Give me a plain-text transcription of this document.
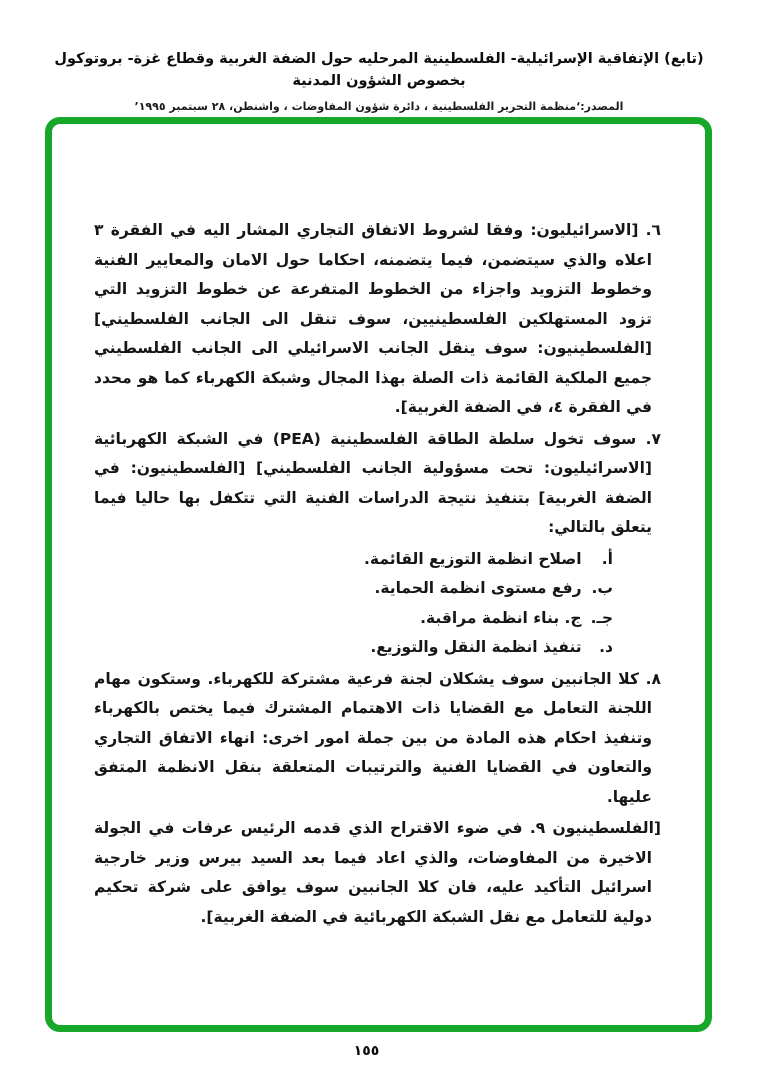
(تابع) الإتفاقية الإسرائيلية- الفلسطينية المرحليه حول الضفة الغربية وقطاع غزة- بروتوكول بخصوص الشؤون المدنية
المصدر:‘منظمة التحرير الفلسطينية ، دائرة شؤون المفاوضات ، واشنطن، ٢٨ سبتمبر ١٩٩٥’

٦. [الاسرائيليون: وفقا لشروط الاتفاق التجاري المشار اليه في الفقرة ٣ اعلاه والذي سيتضمن، فيما يتضمنه، احكاما حول الامان والمعايير الفنية وخطوط التزويد واجزاء من الخطوط المتفرعة عن خطوط التزويد التي تزود المستهلكين الفلسطينيين، سوف تنقل الى الجانب الفلسطيني] [الفلسطينيون: سوف ينقل الجانب الاسرائيلي الى الجانب الفلسطيني جميع الملكية القائمة ذات الصلة بهذا المجال وشبكة الكهرباء كما هو محدد في الفقرة ٤، في الضفة الغربية].

٧. سوف تخول سلطة الطاقة الفلسطينية (PEA) في الشبكة الكهربائية [الاسرائيليون: تحت مسؤولية الجانب الفلسطيني] [الفلسطينيون: في الضفة الغربية] بتنفيذ نتيجة الدراسات الفنية التي تتكفل بها حاليا فيما يتعلق بالتالي:

أ. اصلاح انظمة التوزيع القائمة.

ب. رفع مستوى انظمة الحماية.

جـ. ج. بناء انظمة مراقبة.

د. تنفيذ انظمة النقل والتوزيع.

٨. كلا الجانبين سوف يشكلان لجنة فرعية مشتركة للكهرباء. وستكون مهام اللجنة التعامل مع القضايا ذات الاهتمام المشترك فيما يختص بالكهرباء وتنفيذ احكام هذه المادة من بين جملة امور اخرى: انهاء الاتفاق التجاري والتعاون في القضايا الفنية والترتيبات المتعلقة بنقل الانظمة المتفق عليها.

[الفلسطينيون ٩. في ضوء الاقتراح الذي قدمه الرئيس عرفات في الجولة الاخيرة من المفاوضات، والذي اعاد فيما بعد السيد بيرس وزير خارجية اسرائيل التأكيد عليه، فان كلا الجانبين سوف يوافق على شركة تحكيم دولية للتعامل مع نقل الشبكة الكهربائية في الضفة الغربية].

١٥٥
